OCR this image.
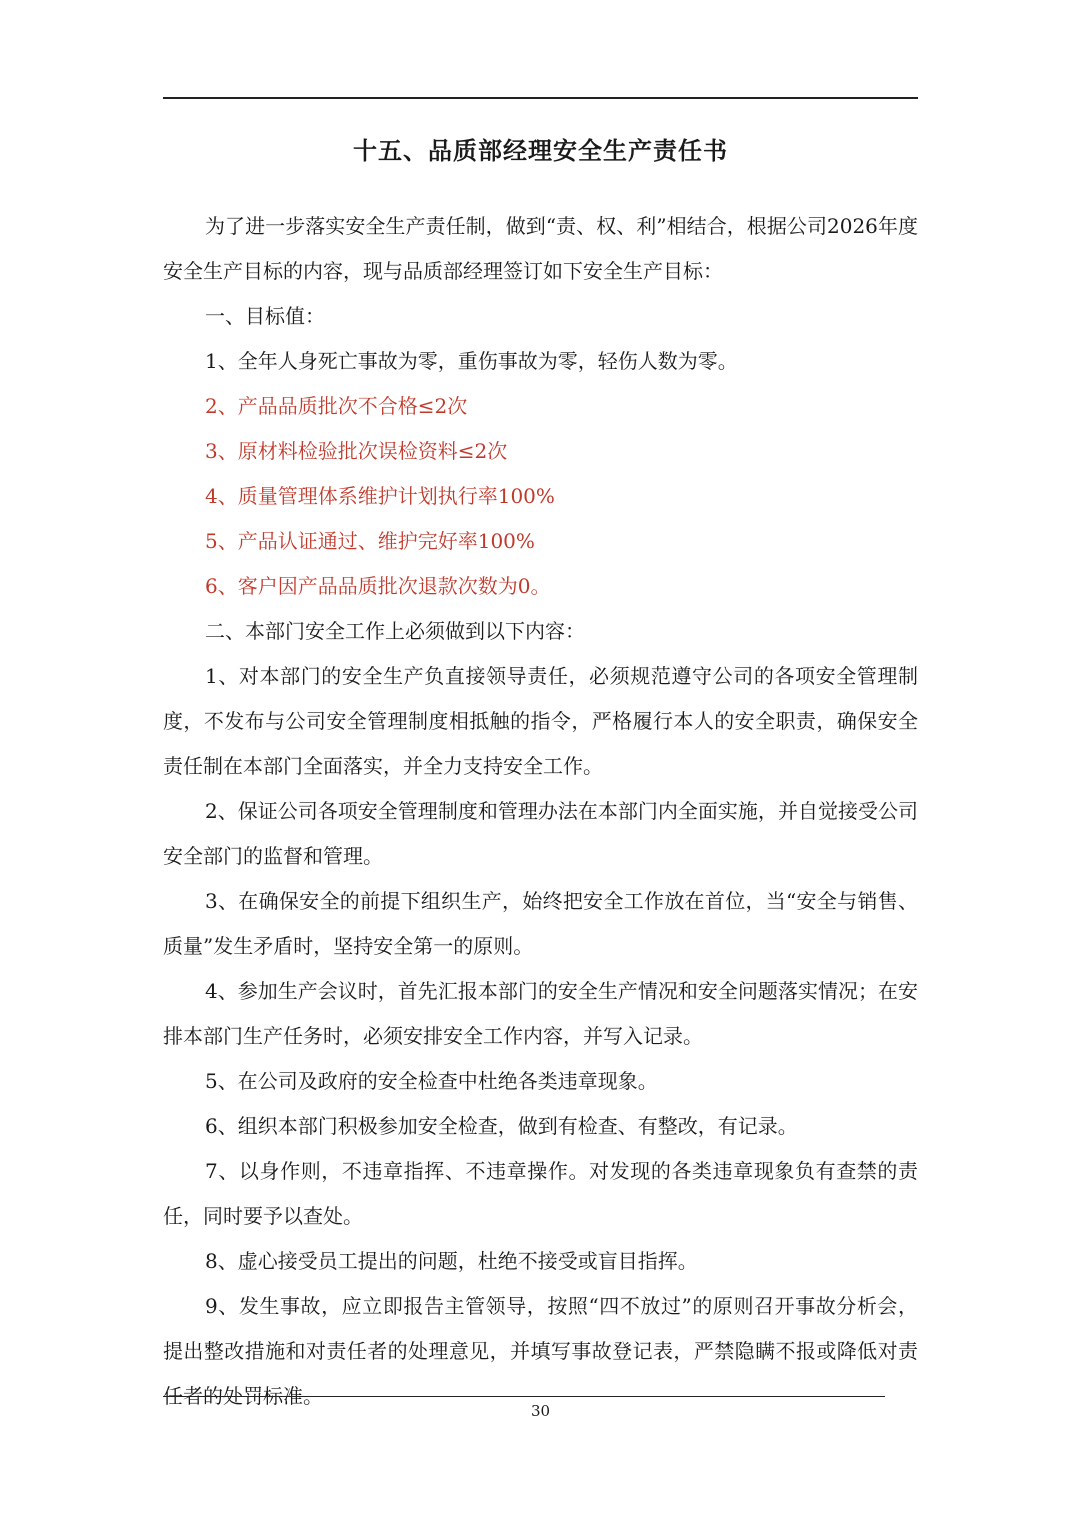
十五、品质部经理安全生产责任书

为了进一步落实安全生产责任制，做到“责、权、利”相结合，根据公司2026年度安全生产目标的内容，现与品质部经理签订如下安全生产目标：

一、目标值：

1、全年人身死亡事故为零，重伤事故为零，轻伤人数为零。

2、产品品质批次不合格≤2次

3、原材料检验批次误检资料≤2次

4、质量管理体系维护计划执行率100%

5、产品认证通过、维护完好率100%

6、客户因产品品质批次退款次数为0。

二、本部门安全工作上必须做到以下内容：

1、对本部门的安全生产负直接领导责任，必须规范遵守公司的各项安全管理制度，不发布与公司安全管理制度相抵触的指令，严格履行本人的安全职责，确保安全责任制在本部门全面落实，并全力支持安全工作。

2、保证公司各项安全管理制度和管理办法在本部门内全面实施，并自觉接受公司安全部门的监督和管理。

3、在确保安全的前提下组织生产，始终把安全工作放在首位，当“安全与销售、质量”发生矛盾时，坚持安全第一的原则。

4、参加生产会议时，首先汇报本部门的安全生产情况和安全问题落实情况；在安排本部门生产任务时，必须安排安全工作内容，并写入记录。

5、在公司及政府的安全检查中杜绝各类违章现象。

6、组织本部门积极参加安全检查，做到有检查、有整改，有记录。

7、以身作则，不违章指挥、不违章操作。对发现的各类违章现象负有查禁的责任，同时要予以查处。

8、虚心接受员工提出的问题，杜绝不接受或盲目指挥。

9、发生事故，应立即报告主管领导，按照“四不放过”的原则召开事故分析会，提出整改措施和对责任者的处理意见，并填写事故登记表，严禁隐瞒不报或降低对责任者的处罚标准。

30
